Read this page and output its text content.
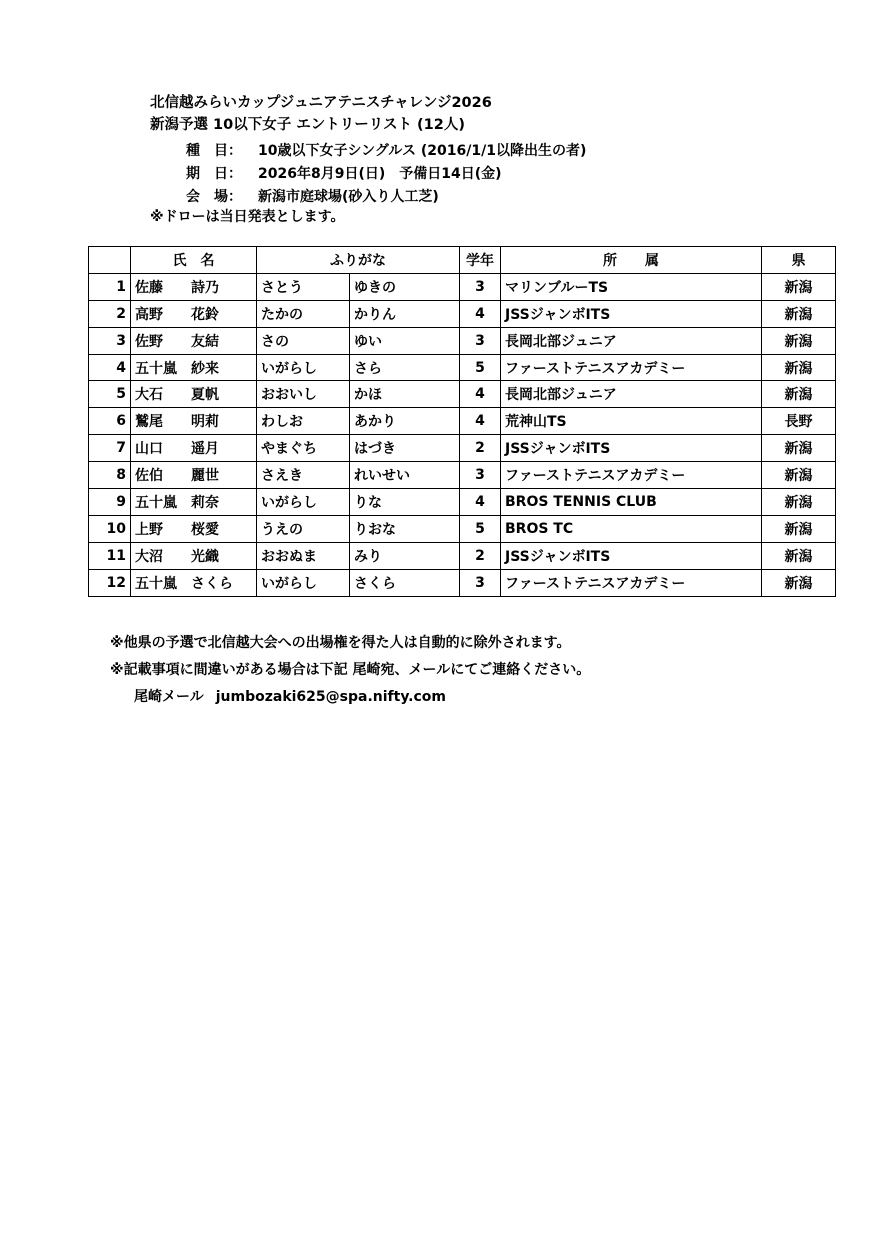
北信越みらいカップジュニアテニスチャレンジ2026
新潟予選 10以下女子 エントリーリスト (12人)
種　目：	10歳以下女子シングルス (2016/1/1以降出生の者)
期　日：	2026年8月9日(日)　予備日14日(金)
会　場：	新潟市庭球場(砂入り人工芝)
※ドローは当日発表とします。
	氏　名	ふりがな		学年	所　　属	県
1	佐藤 詩乃	さとう	ゆきの	3	マリンブルーTS	新潟
2	高野 花鈴	たかの	かりん	4	JSSジャンボITS	新潟
3	佐野 友結	さの	ゆい	3	長岡北部ジュニア	新潟
4	五十嵐 紗来	いがらし	さら	5	ファーストテニスアカデミー	新潟
5	大石 夏帆	おおいし	かほ	4	長岡北部ジュニア	新潟
6	鷲尾 明莉	わしお	あかり	4	荒神山TS	長野
7	山口 遥月	やまぐち	はづき	2	JSSジャンボITS	新潟
8	佐伯 麗世	さえき	れいせい	3	ファーストテニスアカデミー	新潟
9	五十嵐 莉奈	いがらし	りな	4	BROS TENNIS CLUB	新潟
10	上野 桜愛	うえの	りおな	5	BROS TC	新潟
11	大沼 光織	おおぬま	みり	2	JSSジャンボITS	新潟
12	五十嵐 さくら	いがらし	さくら	3	ファーストテニスアカデミー	新潟
※他県の予選で北信越大会への出場権を得た人は自動的に除外されます。
※記載事項に間違いがある場合は下記 尾崎宛、メールにてご連絡ください。
尾崎メール jumbozaki625@spa.nifty.com
